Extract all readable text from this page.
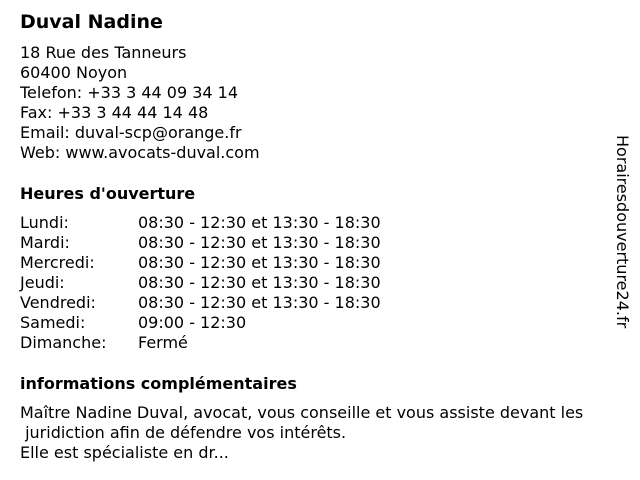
Duval Nadine
18 Rue des Tanneurs
60400 Noyon
Telefon: +33 3 44 09 34 14
Fax: +33 3 44 44 14 48
Email: duval-scp@orange.fr
Web: www.avocats-duval.com
Heures d'ouverture
Lundi:	08:30 - 12:30 et 13:30 - 18:30
Mardi:	08:30 - 12:30 et 13:30 - 18:30
Mercredi:	08:30 - 12:30 et 13:30 - 18:30
Jeudi:	08:30 - 12:30 et 13:30 - 18:30
Vendredi:	08:30 - 12:30 et 13:30 - 18:30
Samedi:	09:00 - 12:30
Dimanche: Fermé
informations complémentaires
Maître Nadine Duval, avocat, vous conseille et vous assiste devant les
juridiction afin de défendre vos intérêts.
Elle est spécialiste en dr...
Horairesdouverture24.fr
